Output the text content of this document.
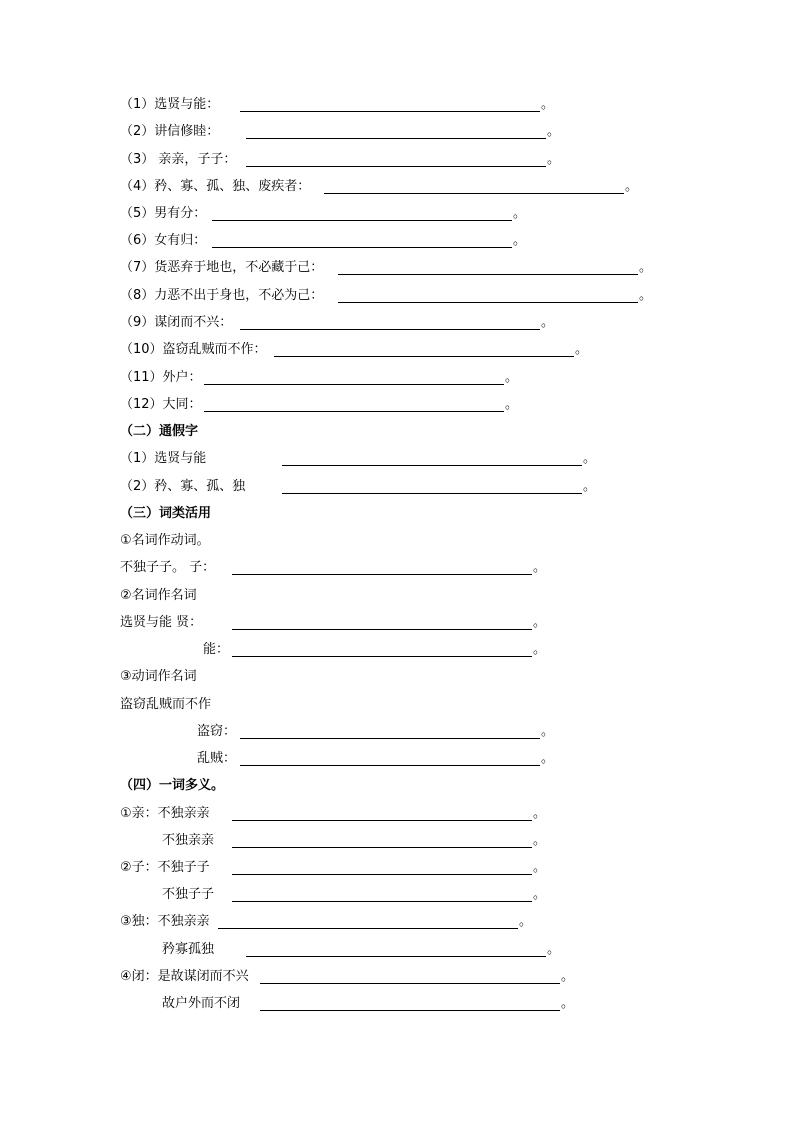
（1）选贤与能：	。
（2）讲信修睦：	。
（3） 亲亲，子子：	。
（4）矜、寡、孤、独、废疾者：	。
（5）男有分：	。
（6）女有归：	。
（7）货恶弃于地也，不必藏于己：	。
（8）力恶不出于身也，不必为己：	。
（9）谋闭而不兴：	。
（10）盗窃乱贼而不作：	。
（11）外户：	。
（12）大同：	。
（二）通假字
（1）选贤与能	。
（2）矜、寡、孤、独	。
（三）词类活用
①名词作动词。
不独子子。 子：	。
②名词作名词
选贤与能 贤：	。
能：	。
③动词作名词
盗窃乱贼而不作
盗窃：	。
乱贼：	。
（四）一词多义。
①亲：不独亲亲	。
不独亲亲	。
②子：不独子子	。
不独子子	。
③独：不独亲亲	。
矜寡孤独	。
④闭：是故谋闭而不兴	。
故户外而不闭	。
